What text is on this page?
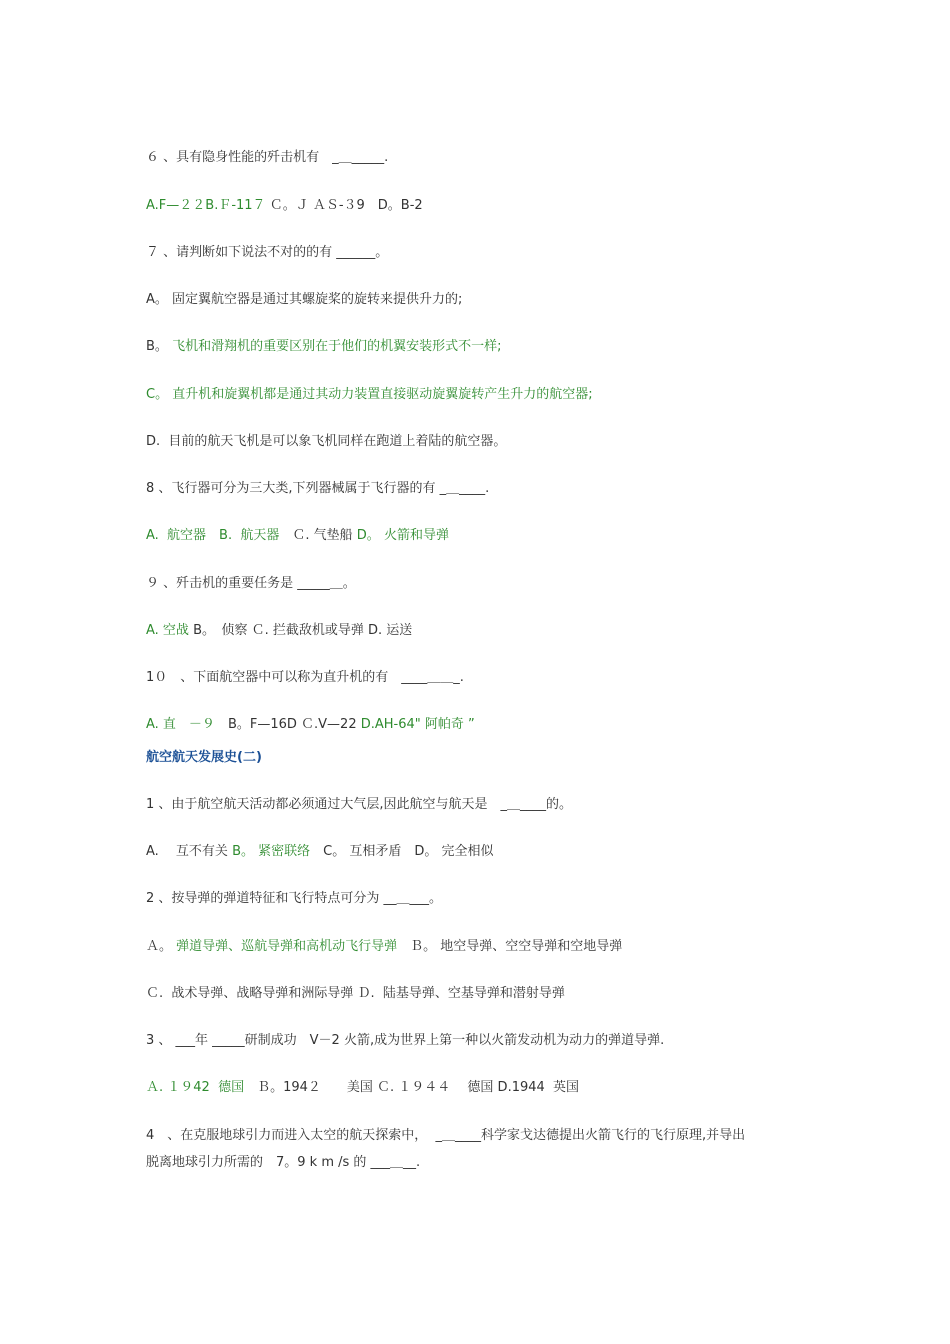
６ 、具有隐身性能的歼击机有　_＿_____.
A.F—２２B.Ｆ-11７ Ｃ。Ｊ ＡＳ-３9　D。B-2
７ 、请判断如下说法不对的的有 ______。
A。 固定翼航空器是通过其螺旋桨的旋转来提供升力的;
B。 飞机和滑翔机的重要区别在于他们的机翼安装形式不一样;
C。 直升机和旋翼机都是通过其动力装置直接驱动旋翼旋转产生升力的航空器;
D.  目前的航天飞机是可以象飞机同样在跑道上着陆的航空器。
8 、飞行器可分为三大类,下列器械属于飞行器的有 _＿____.
A.  航空器　B.  航天器　Ｃ. 气垫船 D。 火箭和导弹
９ 、歼击机的重要任务是 _____＿。
A. 空战 B。　侦察 Ｃ. 拦截敌机或导弹 D. 运送
1０　、下面航空器中可以称为直升机的有　____＿＿_.
A. 直　－９　B。F—16D Ｃ.V—22 D.AH-64" 阿帕奇 ”
航空航天发展史(二)
1 、由于航空航天活动都必须通过大气层,因此航空与航天是　_＿____的。
A.　 互不有关 B。 紧密联络　C。 互相矛盾　D。 完全相似
2 、按导弹的弹道特征和飞行特点可分为 __＿___。
Ａ。 弹道导弹、巡航导弹和高机动飞行导弹　Ｂ。 地空导弹、空空导弹和空地导弹
Ｃ.  战术导弹、战略导弹和洲际导弹 Ｄ.  陆基导弹、空基导弹和潜射导弹
3 、 ___年 _____研制成功　V－2 火箭,成为世界上第一种以火箭发动机为动力的弹道导弹.
Ａ. １９42  德国　Ｂ。194２　　美国 Ｃ. １９４４　 德国 D.1944  英国
4　、在克服地球引力而进入太空的航天探索中，  _＿____科学家戈达德提出火箭飞行的飞行原理,并导出
脱离地球引力所需的　7。9 k m /s 的 ___＿__.
